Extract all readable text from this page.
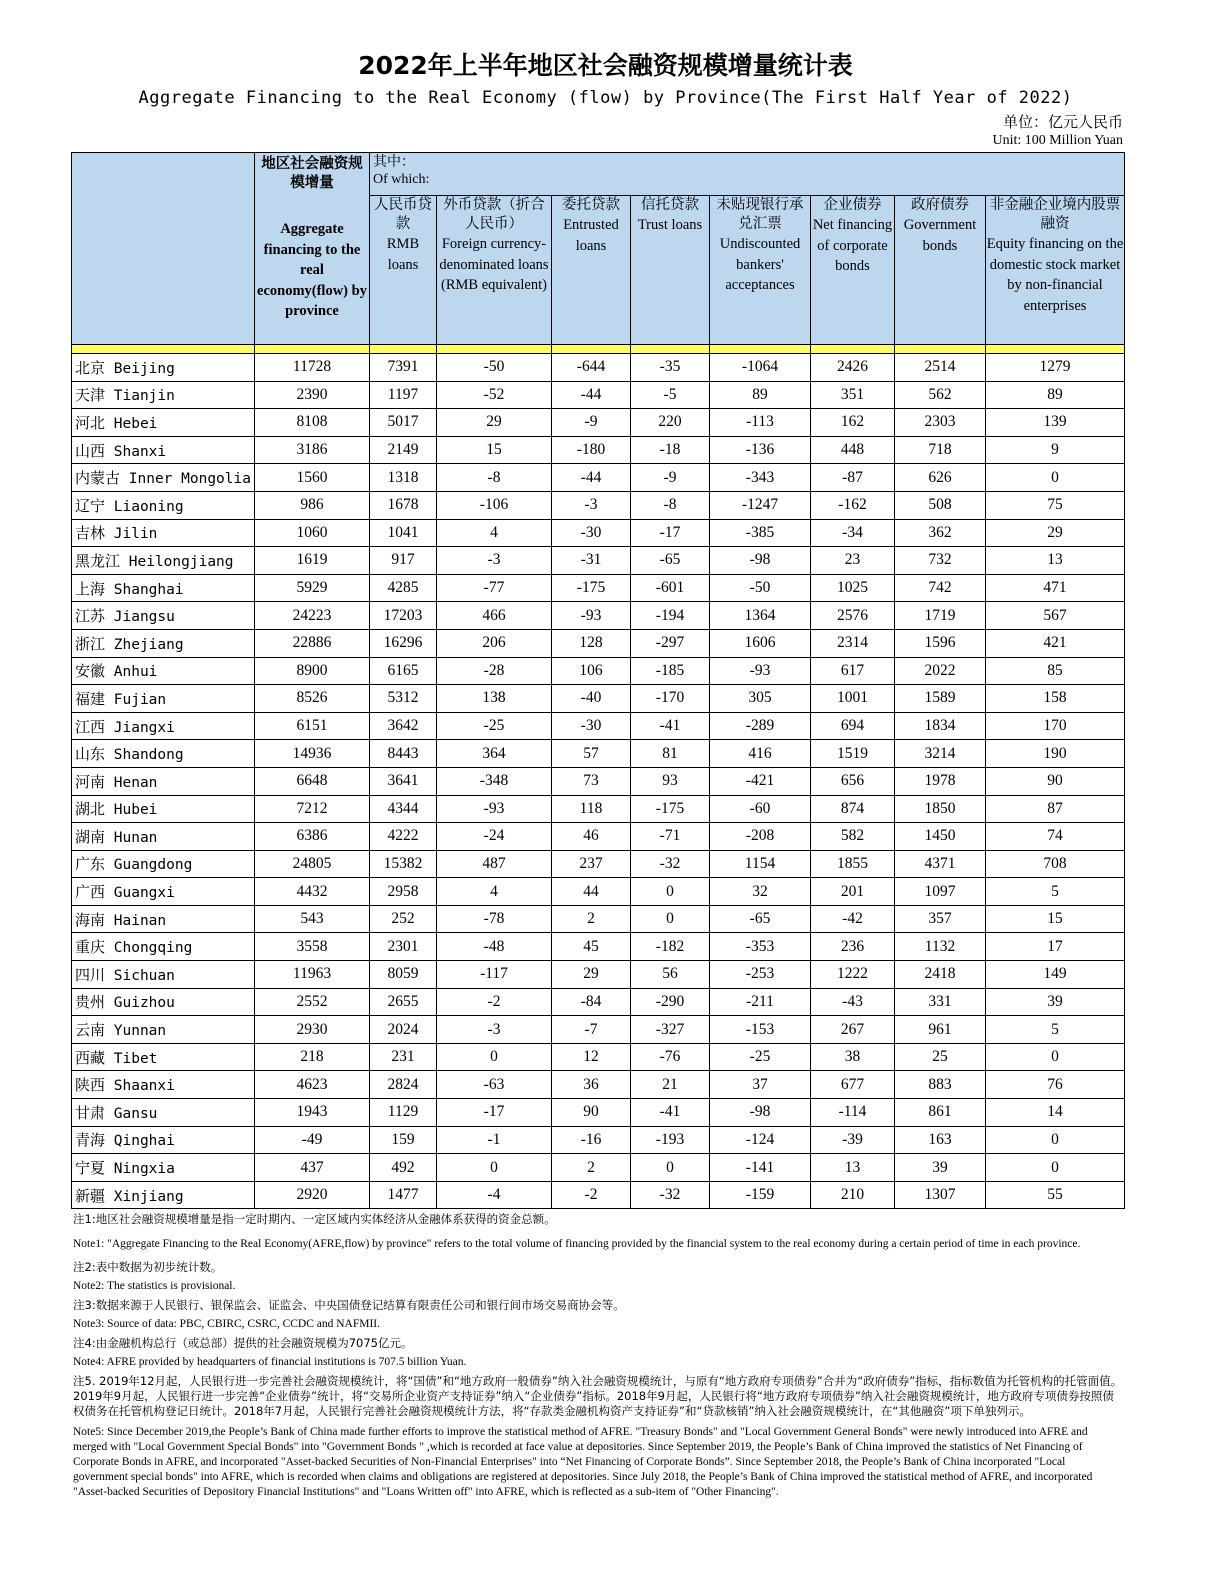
2022年上半年地区社会融资规模增量统计表
Aggregate Financing to the Real Economy (flow) by Province(The First Half Year of 2022)
单位：亿元人民币
Unit: 100 Million Yuan

	地区社会融资规模增量
Aggregate financing to the real economy(flow) by province	其中：
Of which:							

		人民币贷款
RMB loans	外币贷款（折合人民币）
Foreign currency-denominated loans (RMB equivalent)	委托贷款
Entrusted loans	信托贷款
Trust loans	未贴现银行承兑汇票
Undiscounted bankers' acceptances	企业债券
Net financing of corporate bonds	政府债券
Government bonds	非金融企业境内股票融资
Equity financing on the domestic stock market by non-financial enterprises

北京 Beijing	11728	7391	-50	-644	-35	-1064	2426	2514	1279
天津 Tianjin	2390	1197	-52	-44	-5	89	351	562	89
河北 Hebei	8108	5017	29	-9	220	-113	162	2303	139
山西 Shanxi	3186	2149	15	-180	-18	-136	448	718	9
内蒙古 Inner Mongolia	1560	1318	-8	-44	-9	-343	-87	626	0
辽宁 Liaoning	986	1678	-106	-3	-8	-1247	-162	508	75
吉林 Jilin	1060	1041	4	-30	-17	-385	-34	362	29
黑龙江 Heilongjiang	1619	917	-3	-31	-65	-98	23	732	13
上海 Shanghai	5929	4285	-77	-175	-601	-50	1025	742	471
江苏 Jiangsu	24223	17203	466	-93	-194	1364	2576	1719	567
浙江 Zhejiang	22886	16296	206	128	-297	1606	2314	1596	421
安徽 Anhui	8900	6165	-28	106	-185	-93	617	2022	85
福建 Fujian	8526	5312	138	-40	-170	305	1001	1589	158
江西 Jiangxi	6151	3642	-25	-30	-41	-289	694	1834	170
山东 Shandong	14936	8443	364	57	81	416	1519	3214	190
河南 Henan	6648	3641	-348	73	93	-421	656	1978	90
湖北 Hubei	7212	4344	-93	118	-175	-60	874	1850	87
湖南 Hunan	6386	4222	-24	46	-71	-208	582	1450	74
广东 Guangdong	24805	15382	487	237	-32	1154	1855	4371	708
广西 Guangxi	4432	2958	4	44	0	32	201	1097	5
海南 Hainan	543	252	-78	2	0	-65	-42	357	15
重庆 Chongqing	3558	2301	-48	45	-182	-353	236	1132	17
四川 Sichuan	11963	8059	-117	29	56	-253	1222	2418	149
贵州 Guizhou	2552	2655	-2	-84	-290	-211	-43	331	39
云南 Yunnan	2930	2024	-3	-7	-327	-153	267	961	5
西藏 Tibet	218	231	0	12	-76	-25	38	25	0
陕西 Shaanxi	4623	2824	-63	36	21	37	677	883	76
甘肃 Gansu	1943	1129	-17	90	-41	-98	-114	861	14
青海 Qinghai	-49	159	-1	-16	-193	-124	-39	163	0
宁夏 Ningxia	437	492	0	2	0	-141	13	39	0
新疆 Xinjiang	2920	1477	-4	-2	-32	-159	210	1307	55

注1:地区社会融资规模增量是指一定时期内、一定区域内实体经济从金融体系获得的资金总额。

Note1: "Aggregate Financing to the Real Economy(AFRE,flow) by province" refers to the total volume of financing provided by the financial system to the real economy during a certain period of time in each province.

注2:表中数据为初步统计数。

Note2: The statistics is provisional.

注3:数据来源于人民银行、银保监会、证监会、中央国债登记结算有限责任公司和银行间市场交易商协会等。

Note3: Source of data: PBC, CBIRC, CSRC, CCDC and NAFMII.

注4:由金融机构总行（或总部）提供的社会融资规模为7075亿元。

Note4: AFRE provided by headquarters of financial institutions is 707.5 billion Yuan.

注5. 2019年12月起，人民银行进一步完善社会融资规模统计，将“国债”和“地方政府一般债券”纳入社会融资规模统计，与原有“地方政府专项债券”合并为“政府债券”指标，指标数值为托管机构的托管面值。2019年9月起，人民银行进一步完善“企业债券”统计，将“交易所企业资产支持证券”纳入“企业债券”指标。2018年9月起，人民银行将“地方政府专项债券”纳入社会融资规模统计，地方政府专项债券按照债权债务在托管机构登记日统计。2018年7月起，人民银行完善社会融资规模统计方法，将“存款类金融机构资产支持证券”和“贷款核销”纳入社会融资规模统计，在“其他融资”项下单独列示。

Note5: Since December 2019,the People’s Bank of China made further efforts to improve the statistical method of AFRE. "Treasury Bonds" and "Local Government General Bonds" were newly introduced into AFRE and merged with "Local Government Special Bonds" into "Government Bonds " ,which is recorded at face value at depositories. Since September 2019, the People’s Bank of China improved the statistics of Net Financing of Corporate Bonds in AFRE, and incorporated "Asset-backed Securities of Non-Financial Enterprises" into “Net Financing of Corporate Bonds”. Since September 2018, the People’s Bank of China incorporated "Local government special bonds" into AFRE, which is recorded when claims and obligations are registered at depositories. Since July 2018, the People’s Bank of China improved the statistical method of AFRE, and incorporated "Asset-backed Securities of Depository Financial Institutions" and "Loans Written off" into AFRE, which is reflected as a sub-item of "Other Financing".
